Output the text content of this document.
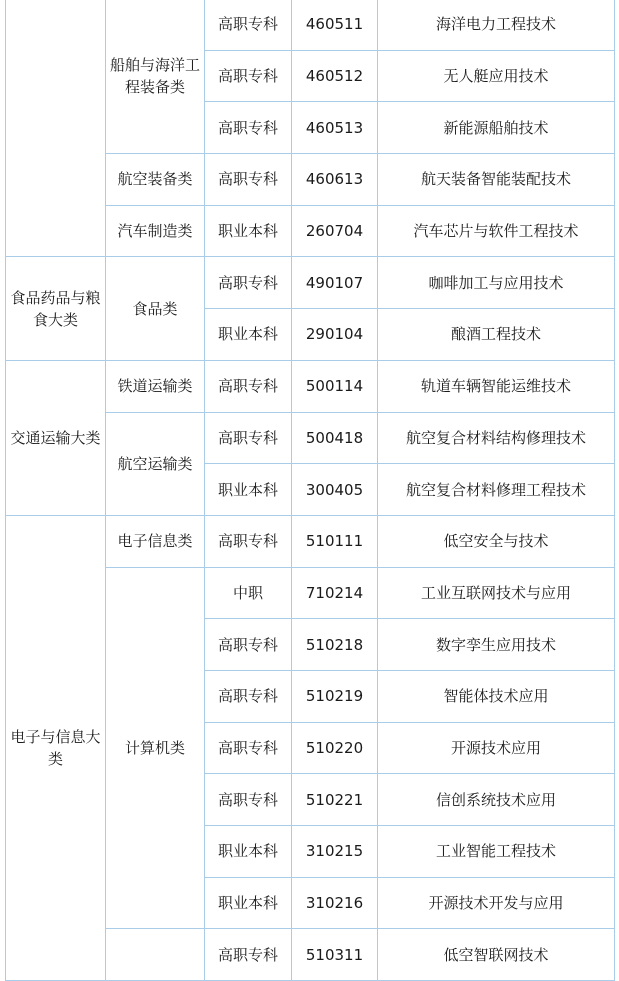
	船舶与海洋工程装备类	高职专科	460511	海洋电力工程技术
		高职专科	460512	无人艇应用技术
		高职专科	460513	新能源船舶技术
	航空装备类	高职专科	460613	航天装备智能装配技术
	汽车制造类	职业本科	260704	汽车芯片与软件工程技术
食品药品与粮食大类	食品类	高职专科	490107	咖啡加工与应用技术
		职业本科	290104	酿酒工程技术
交通运输大类	铁道运输类	高职专科	500114	轨道车辆智能运维技术
	航空运输类	高职专科	500418	航空复合材料结构修理技术
		职业本科	300405	航空复合材料修理工程技术
电子与信息大类	电子信息类	高职专科	510111	低空安全与技术
	计算机类	中职	710214	工业互联网技术与应用
		高职专科	510218	数字孪生应用技术
		高职专科	510219	智能体技术应用
		高职专科	510220	开源技术应用
		高职专科	510221	信创系统技术应用
		职业本科	310215	工业智能工程技术
		职业本科	310216	开源技术开发与应用
		高职专科	510311	低空智联网技术
